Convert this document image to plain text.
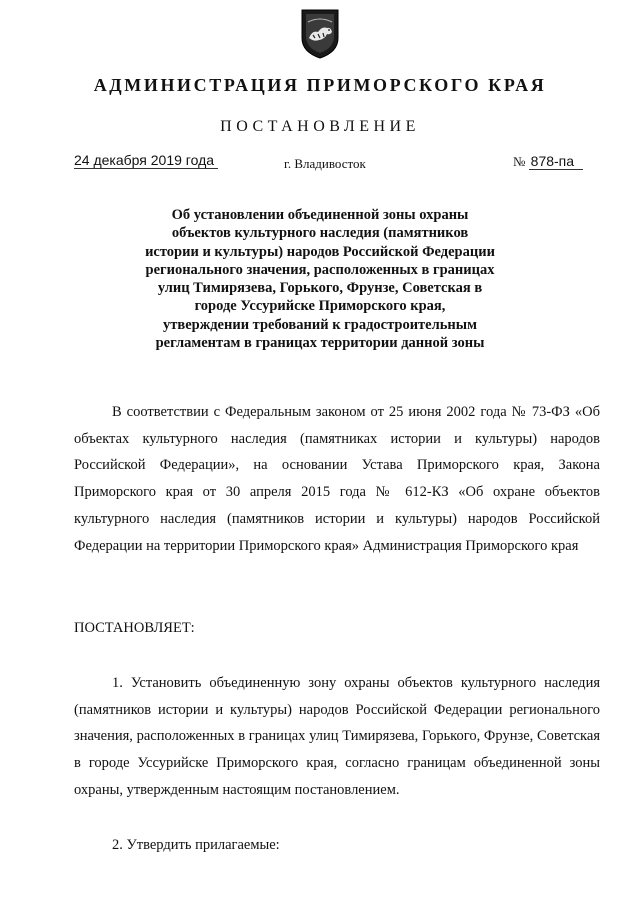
АДМИНИСТРАЦИЯ ПРИМОРСКОГО КРАЯ
ПОСТАНОВЛЕНИЕ
24 декабря 2019 года	г. Владивосток	№ 878-па
Об установлении объединенной зоны охраны
объектов культурного наследия (памятников
истории и культуры) народов Российской Федерации
регионального значения, расположенных в границах
улиц Тимирязева, Горького, Фрунзе, Советская в
городе Уссурийске Приморского края,
утверждении требований к градостроительным
регламентам в границах территории данной зоны
В соответствии с Федеральным законом от 25 июня 2002 года № 73-ФЗ «Об объектах культурного наследия (памятниках истории и культуры) народов Российской Федерации», на основании Устава Приморского края, Закона Приморского края от 30 апреля 2015 года № 612-КЗ «Об охране объектов культурного наследия (памятников истории и культуры) народов Российской Федерации на территории Приморского края» Администрация Приморского края
ПОСТАНОВЛЯЕТ:
1. Установить объединенную зону охраны объектов культурного наследия (памятников истории и культуры) народов Российской Федерации регионального значения, расположенных в границах улиц Тимирязева, Горького, Фрунзе, Советская в городе Уссурийске Приморского края, согласно границам объединенной зоны охраны, утвержденным настоящим постановлением.
2. Утвердить прилагаемые:
